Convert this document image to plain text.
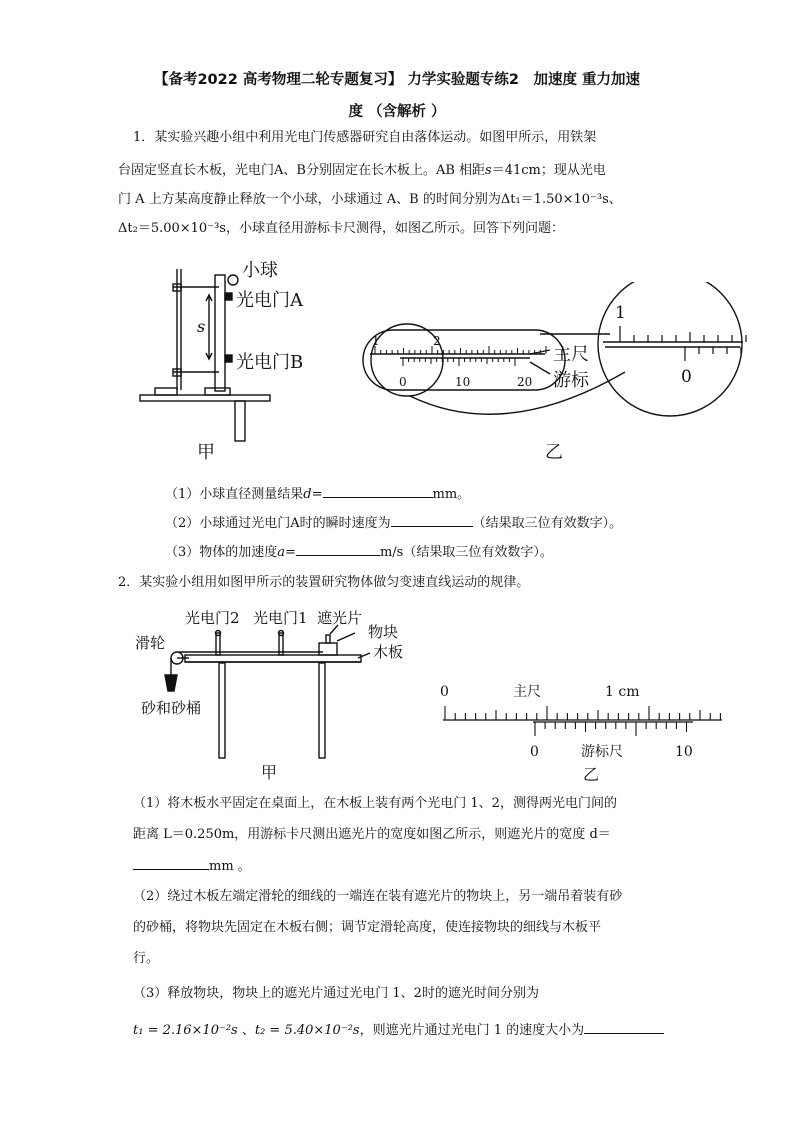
【备考2022 高考物理二轮专题复习】 力学实验题专练2　加速度 重力加速
度 （含解析 ）
1．某实验兴趣小组中利用光电门传感器研究自由落体运动。如图甲所示，用铁架
台固定竖直长木板，光电门A、B分别固定在长木板上。AB 相距s＝41cm；现从光电
门 A 上方某高度静止释放一个小球，小球通过 A、B 的时间分别为Δt₁＝1.50×10⁻³s、
Δt₂＝5.00×10⁻³s，小球直径用游标卡尺测得，如图乙所示。回答下列问题：
小球
光电门A
光电门B
s
甲
1	2
0	10	20
主尺
游标
1
0
乙
（1）小球直径测量结果d=	mm。
（2）小球通过光电门A时的瞬时速度为	（结果取三位有效数字）。
（3）物体的加速度a=	m/s（结果取三位有效数字）。
2．某实验小组用如图甲所示的装置研究物体做匀变速直线运动的规律。
光电门2 光电门1 遮光片
物块
木板
滑轮
砂和砂桶
甲
0	主尺	1 cm
0	游标尺	10
乙
（1）将木板水平固定在桌面上，在木板上装有两个光电门 1、2，测得两光电门间的
距离 L＝0.250m，用游标卡尺测出遮光片的宽度如图乙所示，则遮光片的宽度 d＝
mm 。
（2）绕过木板左端定滑轮的细线的一端连在装有遮光片的物块上，另一端吊着装有砂
的砂桶，将物块先固定在木板右侧；调节定滑轮高度，使连接物块的细线与木板平
行。
（3）释放物块，物块上的遮光片通过光电门 1、2时的遮光时间分别为
t₁ = 2.16×10⁻²s 、t₂ = 5.40×10⁻²s，则遮光片通过光电门 1 的速度大小为
